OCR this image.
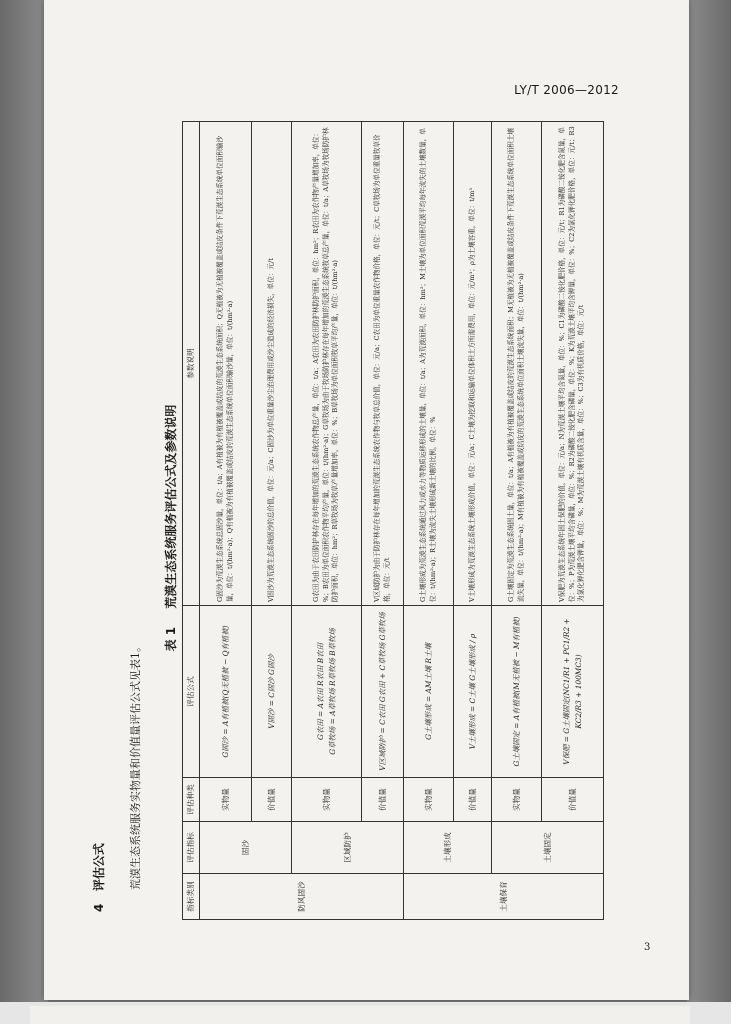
LY/T 2006—2012
3
4   评估公式 荒漠生态系统服务实物量和价值量评估公式见表1。
表 1 荒漠生态系统服务评估公式及参数说明
指标类别	评估指标	评估种类	评估公式	参数说明
防风固沙	固沙	实物量	G固沙 = A有植被(Q无植被 − Q有植被)	G固沙为荒漠生态系统总固沙量，单位：t/a；A有植被为有植被覆盖或结皮的荒漠生态系统面积；Q无植被为无植被覆盖或结皮条件下荒漠生态系统单位面积输沙量，单位：t/(hm²·a)；Q有植被为有植被覆盖或结皮的荒漠生态系统单位面积输沙量，单位：t/(hm²·a)
		价值量	V固沙 = C固沙 G固沙	V固沙为荒漠生态系统固沙的总价值，单位：元/a；C固沙为单位重量沙尘治理费用或沙尘造成的经济损失，单位：元/t
	区域防护	实物量	G农田 = A农田 R农田 B农田 G草牧场 = A草牧场 R草牧场 B草牧场	G农田为由于农田防护林存在每年增加的荒漠生态系统农作物总产量，单位：t/a；A农田为农田防护林防护面积，单位：hm²；R农田为农作物产量增加率，单位：%；B农田为单位面积农作物平均产量，单位：t/(hm²·a)；G草牧场为由于牧场防护林存在每年增加的荒漠生态系统牧草总产量，单位：t/a；A草牧场为牧场防护林防护面积，单位：hm²；R草牧场为牧草产量增加率，单位：%；B草牧场为单位面积牧草平均产量，单位：t/(hm²·a)
		价值量	V区域防护 = C农田 G农田 + C草牧场 G草牧场	V区域防护为由于防护林存在每年增加的荒漠生态系统农作物与牧草总价值，单位：元/a；C农田为单位重量农作物价格，单位：元/t；C草牧场为单位重量牧草价格，单位：元/t
土壤保育	土壤形成	实物量	G土壤形成 = AM土壤 R土壤	G土壤形成为荒漠生态系统通过风力或水力等物质运移形成的土壤量，单位：t/a；A为荒漠面积，单位：hm²；M土壤为单位面积荒漠平均每年流失的土壤数量，单位：t/(hm²·a)；R土壤为流失土壤形成新土壤的比例，单位：%
		价值量	V土壤形成 = C土壤 G土壤形成 / ρ	V土壤形成为荒漠生态系统土壤形成价值，单位：元/a；C土壤为挖取和运输单位体积土方所需费用，单位：元/m³；ρ为土壤容重，单位：t/m³
	土壤固定	实物量	G土壤固定 = A有植被(M无植被 − M有植被)	G土壤固定为荒漠生态系统固土量，单位：t/a；A有植被为有植被覆盖或结皮的荒漠生态系统面积；M无植被为无植被覆盖或结皮条件下荒漠生态系统单位面积土壤流失量，单位：t/(hm²·a)；M有植被为有植被覆盖或结皮的荒漠生态系统单位面积土壤流失量，单位：t/(hm²·a)
		价值量	V保肥 = G土壤固定(NC1/R1 + PC1/R2 + KC2/R3 + 100MC3)	V保肥为荒漠生态系统年固土保肥的价值，单位：元/a；N为荒漠土壤平均含氮量，单位：%；C1为磷酸二铵化肥价格，单位：元/t；R1为磷酸二铵化肥含氮量，单位：%；P为荒漠土壤平均含磷量，单位：%；R2为磷酸二铵化肥含磷量，单位：%；K为荒漠土壤平均含钾量，单位：%；C2为氯化钾化肥价格，单位：元/t；R3为氯化钾化肥含钾量，单位：%；M为荒漠土壤有机质含量，单位：%；C3为有机质价格，单位：元/t
